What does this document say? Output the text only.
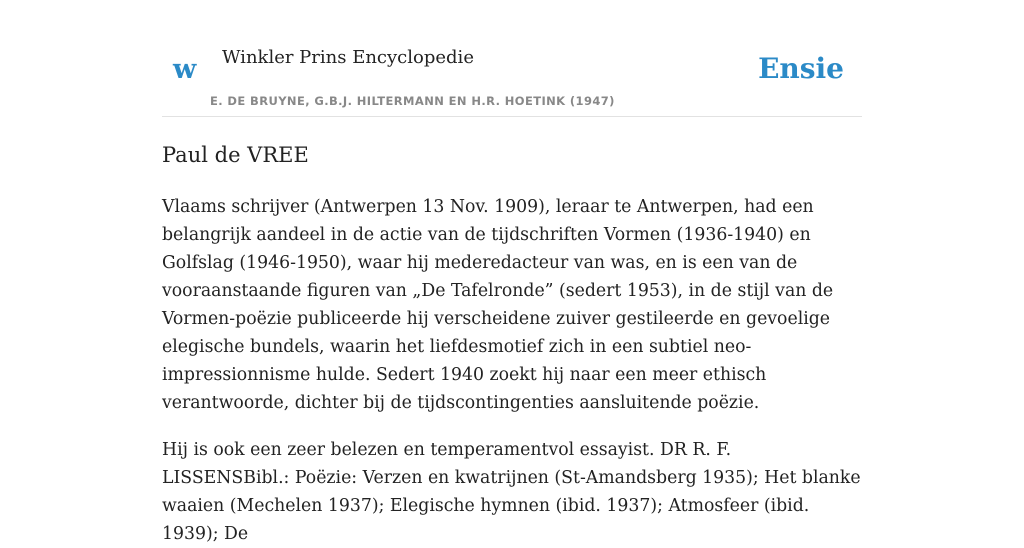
w Winkler Prins Encyclopedie
E. DE BRUYNE, G.B.J. HILTERMANN EN H.R. HOETINK (1947)
Ensie
Paul de VREE

Vlaams schrijver (Antwerpen 13 Nov. 1909), leraar te Antwerpen, had een belangrijk aandeel in de actie van de tijdschriften Vormen (1936-1940) en Golfslag (1946-1950), waar hij mederedacteur van was, en is een van de vooraanstaande figuren van „De Tafelronde” (sedert 1953), in de stijl van de Vormen-poëzie publiceerde hij verscheidene zuiver gestileerde en gevoelige elegische bundels, waarin het liefdesmotief zich in een subtiel neo-impressionnisme hulde. Sedert 1940 zoekt hij naar een meer ethisch verantwoorde, dichter bij de tijdscontingenties aansluitende poëzie.

Hij is ook een zeer belezen en temperamentvol essayist. DR R. F. LISSENSBibl.: Poëzie: Verzen en kwatrijnen (St-Amandsberg 1935); Het blanke waaien (Mechelen 1937); Elegische hymnen (ibid. 1937); Atmosfeer (ibid. 1939); De
